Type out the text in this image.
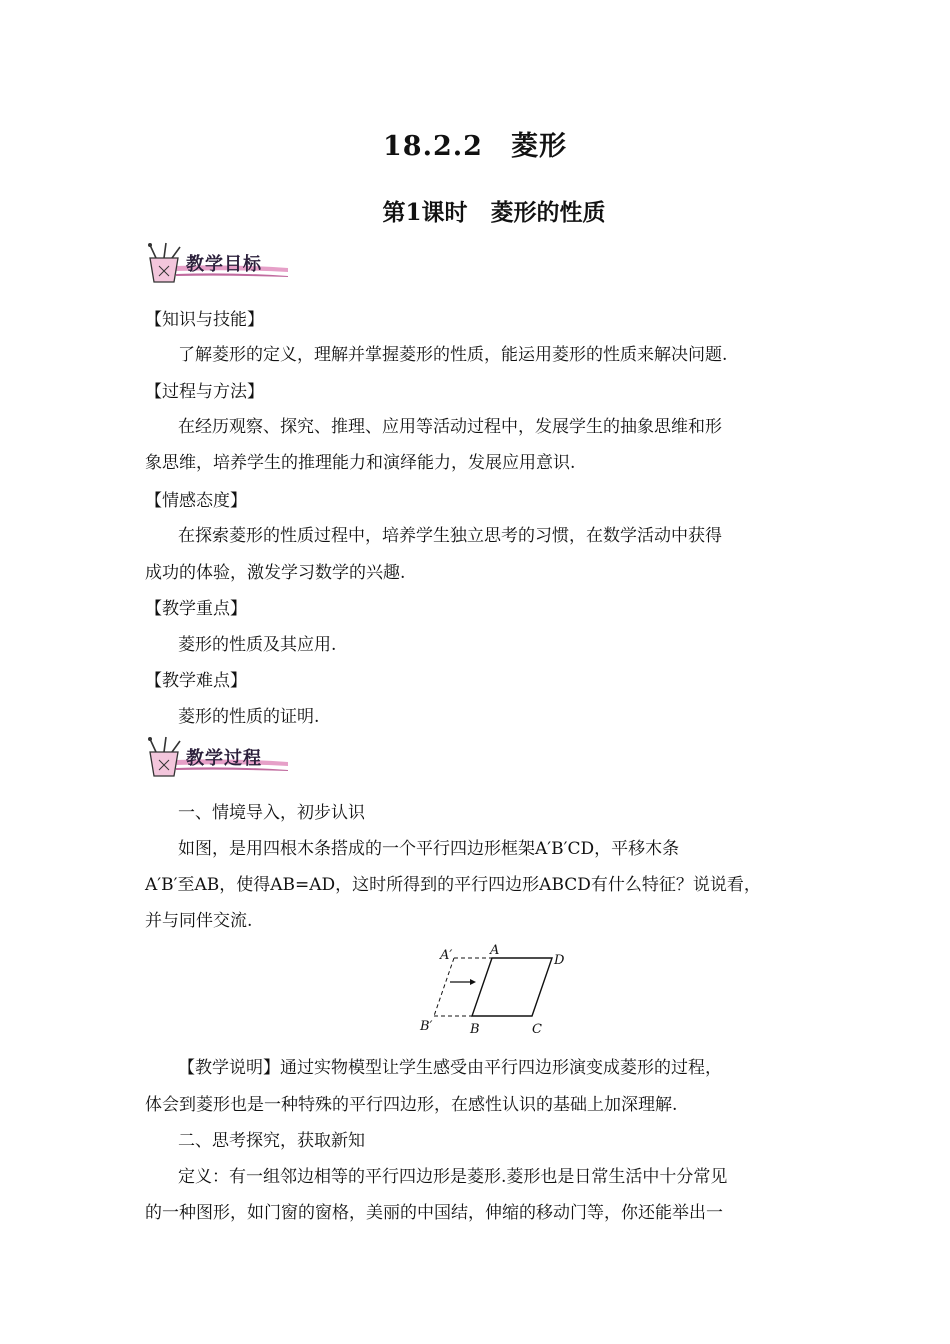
18.2.2　菱形
第1课时　菱形的性质
教学目标
【知识与技能】
了解菱形的定义，理解并掌握菱形的性质，能运用菱形的性质来解决问题.
【过程与方法】
在经历观察、探究、推理、应用等活动过程中，发展学生的抽象思维和形
象思维，培养学生的推理能力和演绎能力，发展应用意识.
【情感态度】
在探索菱形的性质过程中，培养学生独立思考的习惯，在数学活动中获得
成功的体验，激发学习数学的兴趣.
【教学重点】
菱形的性质及其应用.
【教学难点】
菱形的性质的证明.
教学过程
一、情境导入，初步认识
如图，是用四根木条搭成的一个平行四边形框架A′B′CD，平移木条
A′B′至AB，使得AB=AD，这时所得到的平行四边形ABCD有什么特征？说说看，
并与同伴交流.
A′
B′
A
B	C
D
【教学说明】通过实物模型让学生感受由平行四边形演变成菱形的过程，
体会到菱形也是一种特殊的平行四边形，在感性认识的基础上加深理解.
二、思考探究，获取新知
定义：有一组邻边相等的平行四边形是菱形.菱形也是日常生活中十分常见
的一种图形，如门窗的窗格，美丽的中国结，伸缩的移动门等，你还能举出一
